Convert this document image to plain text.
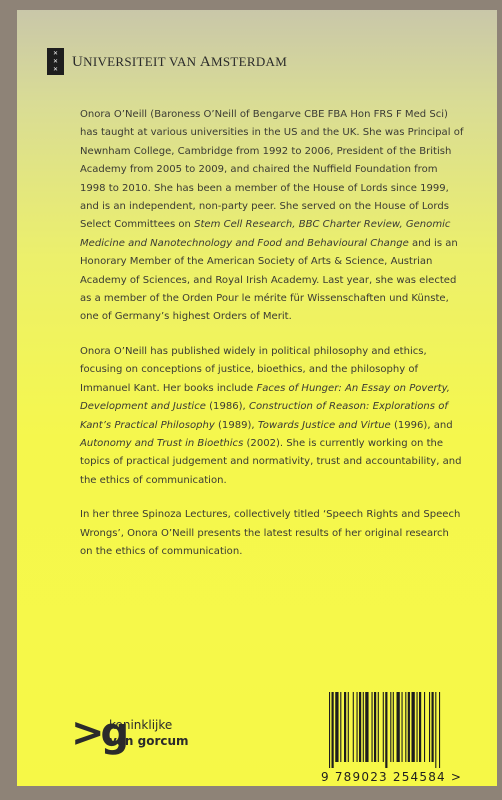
✕
✕
✕ UNIVERSITEIT VAN AMSTERDAM

Onora O’Neill (Baroness O’Neill of Bengarve CBE FBA Hon FRS F Med Sci) has taught at various universities in the US and the UK. She was Principal of Newnham College, Cambridge from 1992 to 2006, President of the British Academy from 2005 to 2009, and chaired the Nuffield Foundation from 1998 to 2010. She has been a member of the House of Lords since 1999, and is an independent, non-party peer. She served on the House of Lords Select Committees on Stem Cell Research, BBC Charter Review, Genomic Medicine and Nanotechnology and Food and Behavioural Change and is an Honorary Member of the American Society of Arts & Science, Austrian Academy of Sciences, and Royal Irish Academy. Last year, she was elected as a member of the Orden Pour le mérite für Wissenschaften und Künste, one of Germany’s highest Orders of Merit.

Onora O’Neill has published widely in political philosophy and ethics, focusing on conceptions of justice, bioethics, and the philosophy of Immanuel Kant. Her books include Faces of Hunger: An Essay on Poverty, Development and Justice (1986), Construction of Reason: Explorations of Kant’s Practical Philosophy (1989), Towards Justice and Virtue (1996), and Autonomy and Trust in Bioethics (2002). She is currently working on the topics of practical judgement and normativity, trust and accountability, and the ethics of communication.

In her three Spinoza Lectures, collectively titled ‘Speech Rights and Speech Wrongs’, Onora O’Neill presents the latest results of her original research on the ethics of communication.

>g
koninklijke
van gorcum
9 789023 254584 >
